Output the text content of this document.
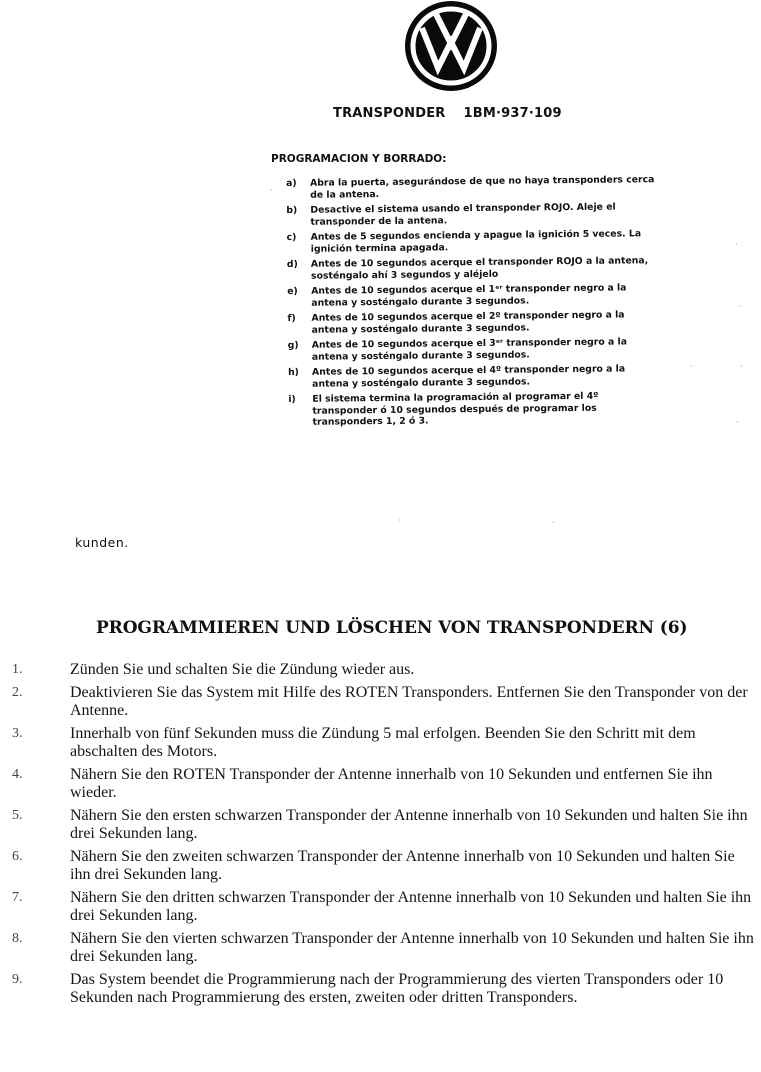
TRANSPONDER 1BM·937·109
PROGRAMACION Y BORRADO:
a)	Abra la puerta, asegurándose de que no haya transponders cerca de la antena.
b)	Desactive el sistema usando el transponder ROJO. Aleje el transponder de la antena.
c)	Antes de 5 segundos encienda y apague la ignición 5 veces. La ignición termina apagada.
d)	Antes de 10 segundos acerque el transponder ROJO a la antena, sosténgalo ahí 3 segundos y aléjelo
e)	Antes de 10 segundos acerque el 1ᵉʳ transponder negro a la antena y sosténgalo durante 3 segundos.
f)	Antes de 10 segundos acerque el 2º transponder negro a la antena y sosténgalo durante 3 segundos.
g)	Antes de 10 segundos acerque el 3ᵉʳ transponder negro a la antena y sosténgalo durante 3 segundos.
h)	Antes de 10 segundos acerque el 4º transponder negro a la antena y sosténgalo durante 3 segundos.
i)	El sistema termina la programación al programar el 4º transponder ó 10 segundos después de programar los transponders 1, 2 ó 3.
·
·
·
·	·
·
·	·
kunden.
PROGRAMMIEREN UND LÖSCHEN VON TRANSPONDERN (6)
1.	Zünden Sie und schalten Sie die Zündung wieder aus.
2.	Deaktivieren Sie das System mit Hilfe des ROTEN Transponders. Entfernen Sie den Transponder von der Antenne.
3.	Innerhalb von fünf Sekunden muss die Zündung 5 mal erfolgen. Beenden Sie den Schritt mit dem abschalten des Motors.
4.	Nähern Sie den ROTEN Transponder der Antenne innerhalb von 10 Sekunden und entfernen Sie ihn wieder.
5.	Nähern Sie den ersten schwarzen Transponder der Antenne innerhalb von 10 Sekunden und halten Sie ihn drei Sekunden lang.
6.	Nähern Sie den zweiten schwarzen Transponder der Antenne innerhalb von 10 Sekunden und halten Sie ihn drei Sekunden lang.
7.	Nähern Sie den dritten schwarzen Transponder der Antenne innerhalb von 10 Sekunden und halten Sie ihn drei Sekunden lang.
8.	Nähern Sie den vierten schwarzen Transponder der Antenne innerhalb von 10 Sekunden und halten Sie ihn drei Sekunden lang.
9.	Das System beendet die Programmierung nach der Programmierung des vierten Transponders oder 10 Sekunden nach Programmierung des ersten, zweiten oder dritten Transponders.
